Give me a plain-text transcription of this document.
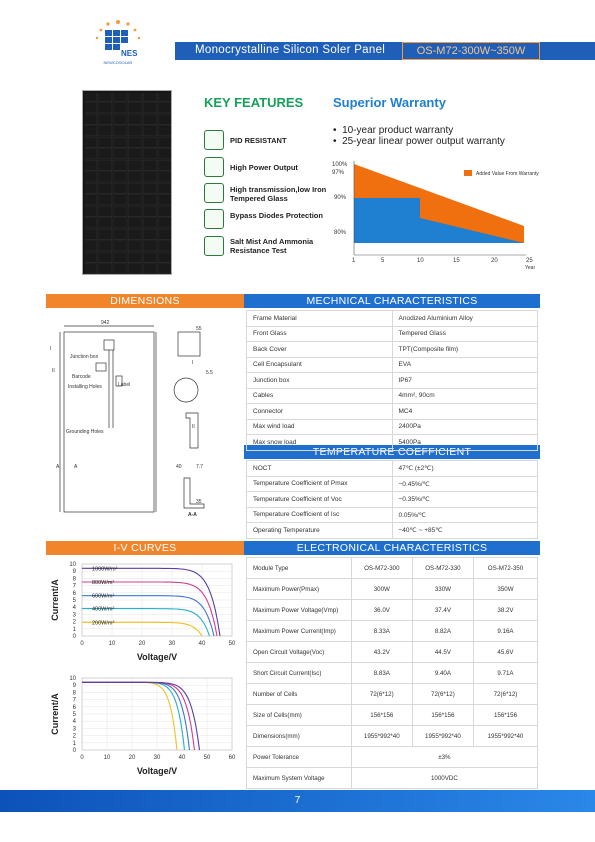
NES
NEWCOSOLAR
Monocrystalline Silicon Soler Panel	OS-M72-300W~350W
KEY FEATURES
PID RESISTANT
High Power Output
High transmission,low Iron Tempered Glass
Bypass Diodes Protection
Salt Mist And Ammonia Resistance Test
Superior Warranty
•  10-year product warranty
•  25-year linear power output warranty
Added Value From Warranty
100%
97%
90%
80%
1	5	10	15	20	25
Year
DIMENSIONS	MECHNICAL CHARACTERISTICS
TEMPERATURE COEFFICIENT
I-V CURVES	ELECTRONICAL CHARACTERISTICS
942
Junction box
Barcode
Installing Holes	Label
Grounding Holes
A	A
I
II
55
5.5
35
7.7
40
I
II
A-A
Frame Material	Anodized Aluminium Alloy
Front Glass	Tempered Glass
Back Cover	TPT(Composite film)
Cell Encapsulant	EVA
Junction box	IP67
Cables	4mm², 90cm
Connector	MC4
Max wind load	2400Pa
Max snow load	5400Pa
NOCT	47℃ (±2℃)
Temperature Coefficient of Pmax	−0.45%/℃
Temperature Coefficient of Voc	−0.35%/℃
Temperature Coefficient of Isc	0.05%/℃
Operating Temperature	−40℃ ~ +85℃
Module Type	OS-M72-300	OS-M72-330	OS-M72-350
Maximum Power(Pmax)	300W	330W	350W
Maximum Power Voltage(Vmp)	36.0V	37.4V	38.2V
Maximum Power Current(Imp)	8.33A	8.82A	9.16A
Open Circuit Voltage(Voc)	43.2V	44.5V	45.6V
Short Circuit Current(Isc)	8.83A	9.40A	9.71A
Number of Cells	72(6*12)	72(6*12)	72(6*12)
Size of Cells(mm)	156*156	156*156	156*156
Dimensions(mm)	1955*992*40	1955*992*40	1955*992*40
Power Tolerance	±3%		
Maximum System Voltage	1000VDC		
0
1
2
3
4
5
6
7
8
9
10
0	10	20	30	40	50
1000W/m²
800W/m²
600W/m²
400W/m²
200W/m²
Current/A
Voltage/V
0
1
2
3
4
5
6
7
8
9
10
0	10	20	30	40	50	60
Current/A
Voltage/V
7
